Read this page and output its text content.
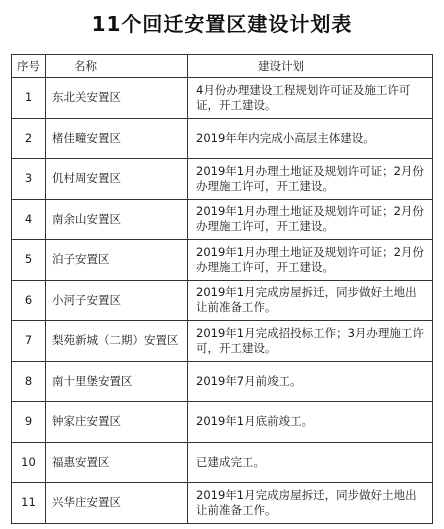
11个回迁安置区建设计划表
序号	名称	建设计划
1	东北关安置区	4月份办理建设工程规划许可证及施工许可证，开工建设。
2	楮佳疃安置区	2019年年内完成小高层主体建设。
3	仉村周安置区	2019年1月办理土地证及规划许可证；2月份办理施工许可，开工建设。
4	南余山安置区	2019年1月办理土地证及规划许可证；2月份办理施工许可，开工建设。
5	泊子安置区	2019年1月办理土地证及规划许可证；2月份办理施工许可，开工建设。
6	小河子安置区	2019年1月完成房屋拆迁，同步做好土地出让前准备工作。
7	梨苑新城（二期）安置区	2019年1月完成招投标工作；3月办理施工许可，开工建设。
8	南十里堡安置区	2019年7月前竣工。
9	钟家庄安置区	2019年1月底前竣工。
10	福惠安置区	已建成完工。
11	兴华庄安置区	2019年1月完成房屋拆迁，同步做好土地出让前准备工作。
